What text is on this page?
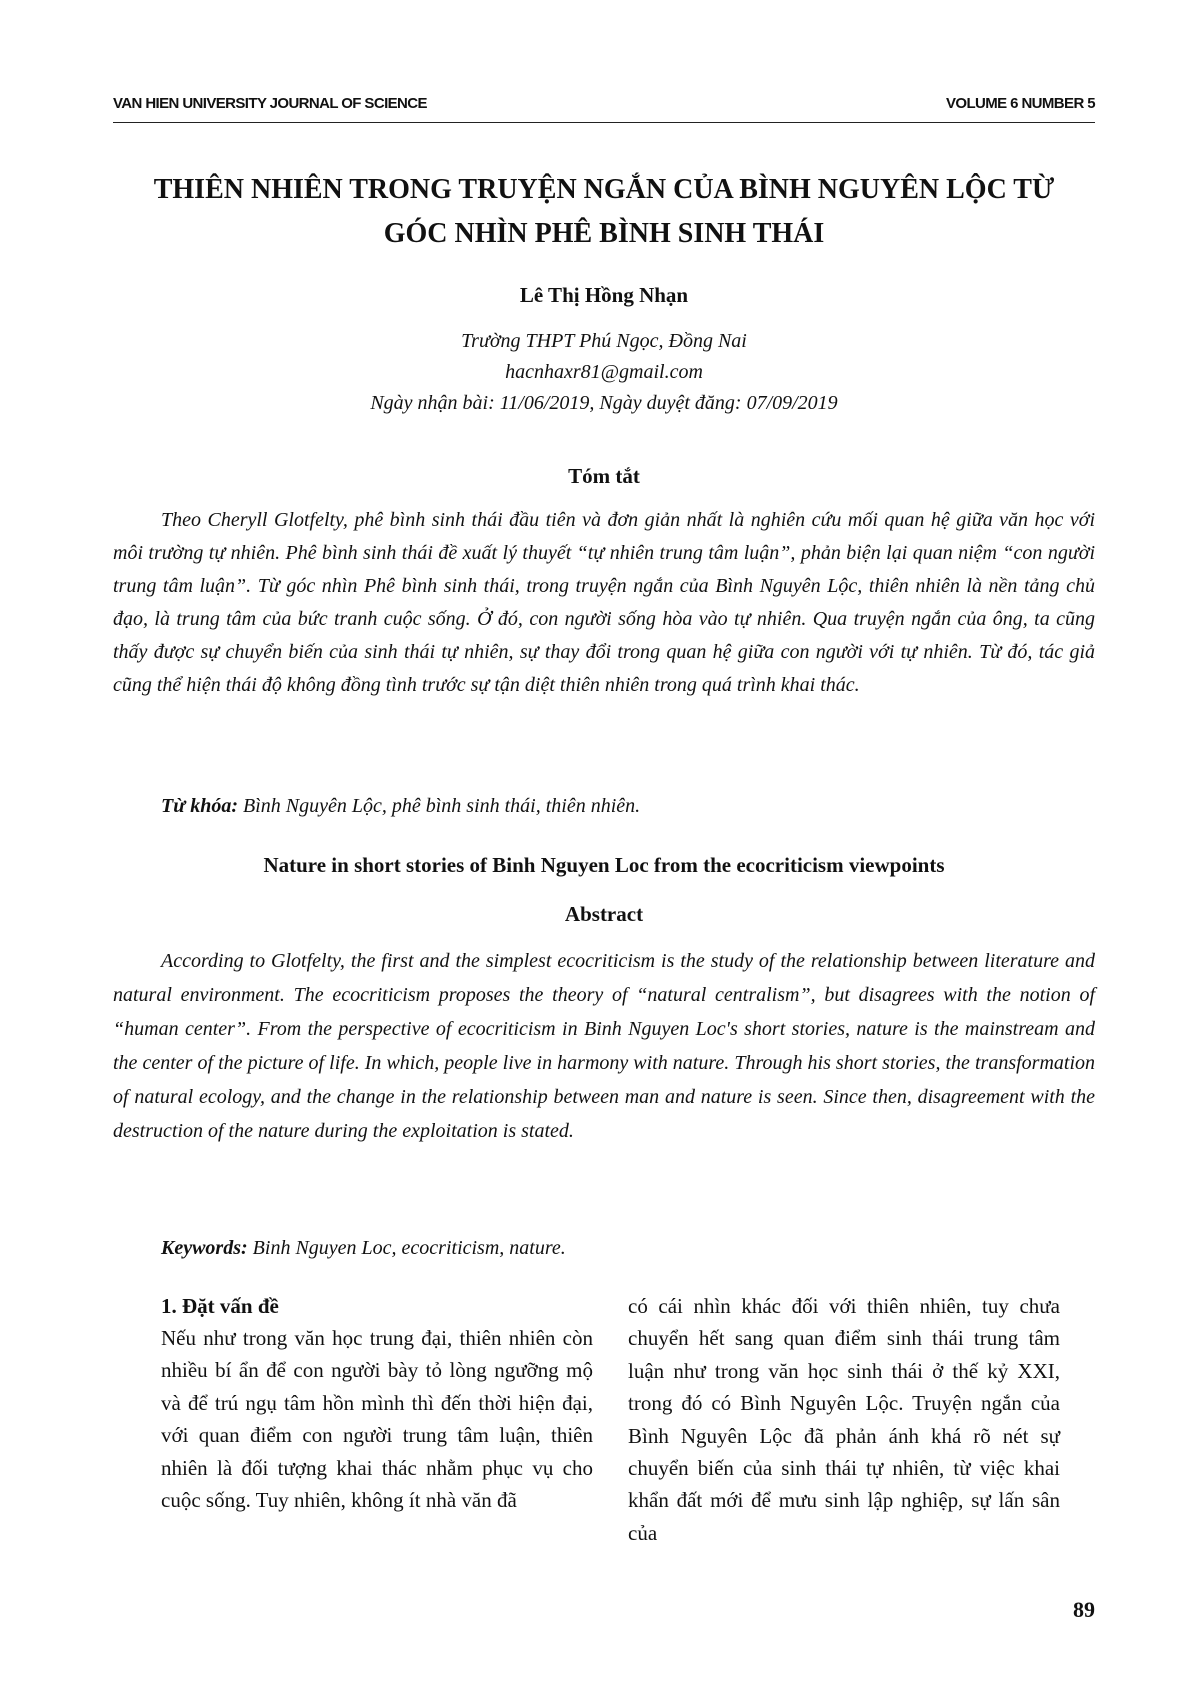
VAN HIEN UNIVERSITY JOURNAL OF SCIENCE	VOLUME 6 NUMBER 5
THIÊN NHIÊN TRONG TRUYỆN NGẮN CỦA BÌNH NGUYÊN LỘC TỪ
GÓC NHÌN PHÊ BÌNH SINH THÁI
Lê Thị Hồng Nhạn
Trường THPT Phú Ngọc, Đồng Nai
hacnhaxr81@gmail.com
Ngày nhận bài: 11/06/2019, Ngày duyệt đăng: 07/09/2019
Tóm tắt

Theo Cheryll Glotfelty, phê bình sinh thái đầu tiên và đơn giản nhất là nghiên cứu mối quan hệ giữa văn học với môi trường tự nhiên. Phê bình sinh thái đề xuất lý thuyết “tự nhiên trung tâm luận”, phản biện lại quan niệm “con người trung tâm luận”. Từ góc nhìn Phê bình sinh thái, trong truyện ngắn của Bình Nguyên Lộc, thiên nhiên là nền tảng chủ đạo, là trung tâm của bức tranh cuộc sống. Ở đó, con người sống hòa vào tự nhiên. Qua truyện ngắn của ông, ta cũng thấy được sự chuyển biến của sinh thái tự nhiên, sự thay đổi trong quan hệ giữa con người với tự nhiên. Từ đó, tác giả cũng thể hiện thái độ không đồng tình trước sự tận diệt thiên nhiên trong quá trình khai thác.

Từ khóa: Bình Nguyên Lộc, phê bình sinh thái, thiên nhiên.

Nature in short stories of Binh Nguyen Loc from the ecocriticism viewpoints
Abstract

According to Glotfelty, the first and the simplest ecocriticism is the study of the relationship between literature and natural environment. The ecocriticism proposes the theory of “natural centralism”, but disagrees with the notion of “human center”. From the perspective of ecocriticism in Binh Nguyen Loc's short stories, nature is the mainstream and the center of the picture of life. In which, people live in harmony with nature. Through his short stories, the transformation of natural ecology, and the change in the relationship between man and nature is seen. Since then, disagreement with the destruction of the nature during the exploitation is stated.

Keywords: Binh Nguyen Loc, ecocriticism, nature.

1. Đặt vấn đề

Nếu như trong văn học trung đại, thiên nhiên còn nhiều bí ẩn để con người bày tỏ lòng ngưỡng mộ và để trú ngụ tâm hồn mình thì đến thời hiện đại, với quan điểm con người trung tâm luận, thiên nhiên là đối tượng khai thác nhằm phục vụ cho cuộc sống. Tuy nhiên, không ít nhà văn đã

có cái nhìn khác đối với thiên nhiên, tuy chưa chuyển hết sang quan điểm sinh thái trung tâm luận như trong văn học sinh thái ở thế kỷ XXI, trong đó có Bình Nguyên Lộc. Truyện ngắn của Bình Nguyên Lộc đã phản ánh khá rõ nét sự chuyển biến của sinh thái tự nhiên, từ việc khai khẩn đất mới để mưu sinh lập nghiệp, sự lấn sân của

89
